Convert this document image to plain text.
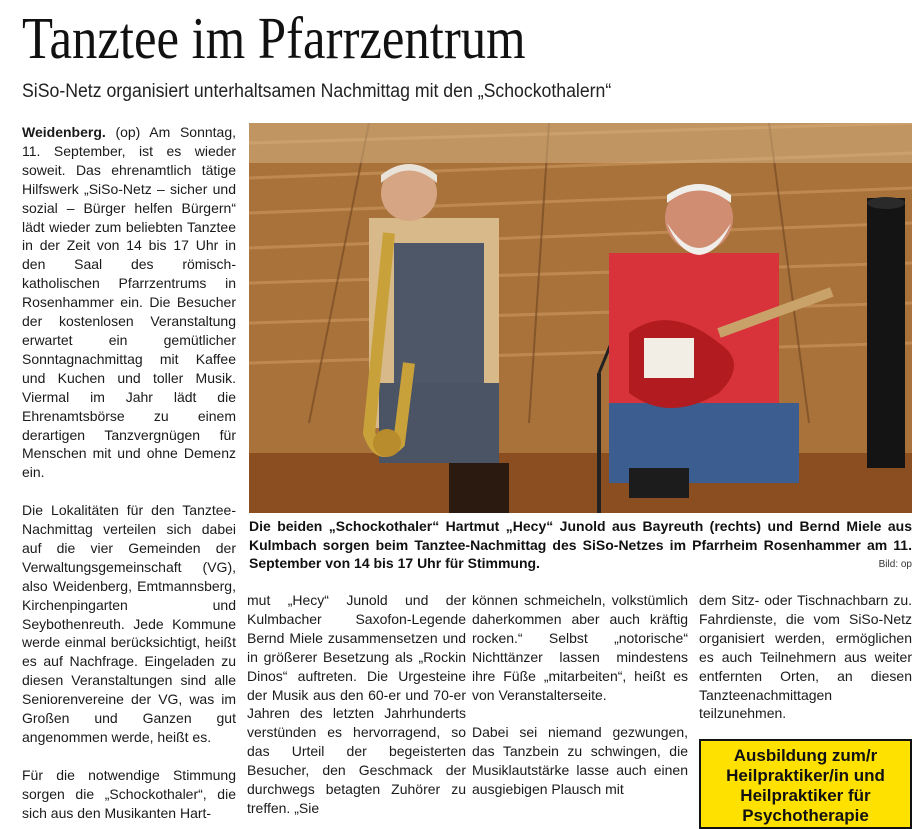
Tanztee im Pfarrzentrum
SiSo-Netz organisiert unterhaltsamen Nachmittag mit den „Schockothalern“

Weidenberg. (op) Am Sonntag, 11. September, ist es wieder soweit. Das ehrenamtlich tätige Hilfswerk „SiSo-Netz – sicher und sozial – Bürger helfen Bürgern“ lädt wieder zum beliebten Tanztee in der Zeit von 14 bis 17 Uhr in den Saal des römisch-katholischen Pfarrzentrums in Rosenhammer ein. Die Besucher der kostenlosen Veranstaltung erwartet ein gemütlicher Sonntagnachmittag mit Kaffee und Kuchen und toller Musik. Viermal im Jahr lädt die Ehrenamtsbörse zu einem derartigen Tanzvergnügen für Menschen mit und ohne Demenz ein.

Die Lokalitäten für den Tanztee-Nachmittag verteilen sich dabei auf die vier Gemeinden der Verwaltungsgemeinschaft (VG), also Weidenberg, Emtmannsberg, Kirchenpingarten und Seybothenreuth. Jede Kommune werde einmal berücksichtigt, heißt es auf Nachfrage. Eingeladen zu diesen Veranstaltungen sind alle Seniorenvereine der VG, was im Großen und Ganzen gut angenommen werde, heißt es.

Für die notwendige Stimmung sorgen die „Schockothaler“, die sich aus den Musikanten Hart-

Die beiden „Schockothaler“ Hartmut „Hecy“ Junold aus Bayreuth (rechts) und Bernd Miele aus Kulmbach sorgen beim Tanztee-Nachmittag des SiSo-Netzes im Pfarrheim Rosenhammer am 11. September von 14 bis 17 Uhr für Stimmung.	Bild: op

mut „Hecy“ Junold und der Kulmbacher Saxofon-Legende Bernd Miele zusammensetzen und in größerer Besetzung als „Rockin Dinos“ auftreten. Die Urgesteine der Musik aus den 60-er und 70-er Jahren des letzten Jahrhunderts verstünden es hervorragend, so das Urteil der begeisterten Besucher, den Geschmack der durchwegs betagten Zuhörer zu treffen. „Sie

können schmeicheln, volkstümlich daherkommen aber auch kräftig rocken.“ Selbst „notorische“ Nichttänzer lassen mindestens ihre Füße „mitarbeiten“, heißt es von Veranstalterseite.

Dabei sei niemand gezwungen, das Tanzbein zu schwingen, die Musiklautstärke lasse auch einen ausgiebigen Plausch mit

dem Sitz- oder Tischnachbarn zu. Fahrdienste, die vom SiSo-Netz organisiert werden, ermöglichen es auch Teilnehmern aus weiter entfernten Orten, an diesen Tanzteenachmittagen teilzunehmen.

Ausbildung zum/r Heilpraktiker/in und Heilpraktiker für Psychotherapie
